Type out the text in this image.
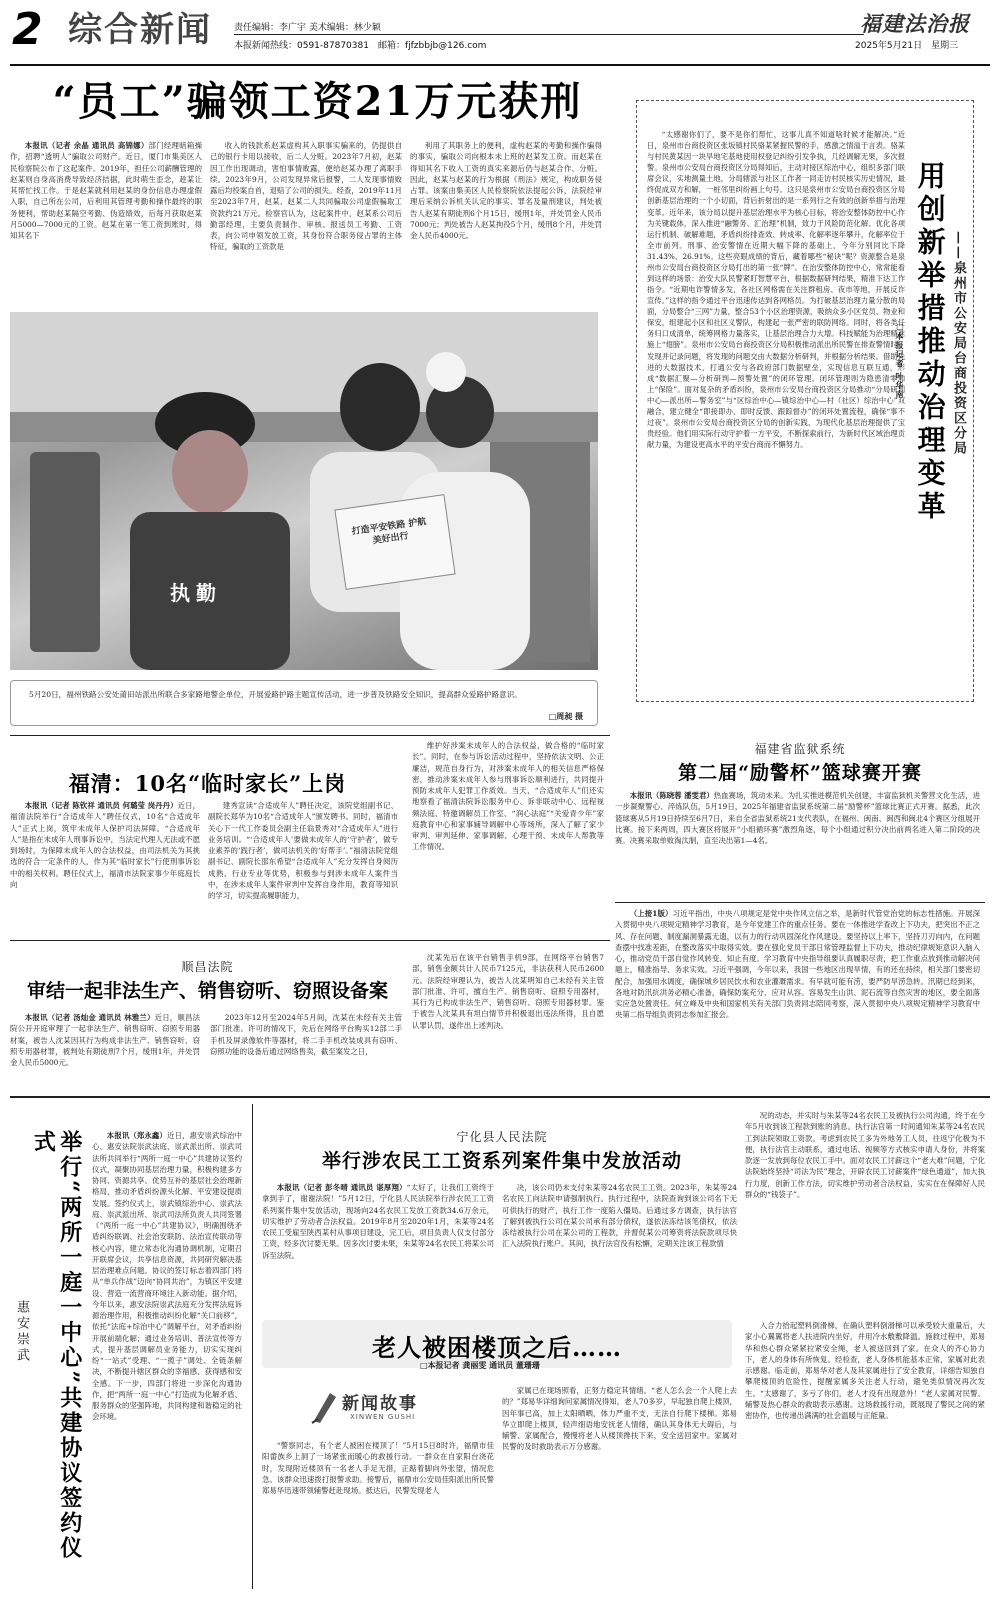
2 综合新闻 责任编辑：李广宇 美术编辑：林少颖
本报新闻热线：0591-87870381　邮箱：fjfzbbjb@126.com
福建法治报
2025年5月21日　星期三
“员工”骗领工资21万元获刑

本报讯（记者 余晶 通讯员 高锦娜）部门经理暗箱操作，招聘“透明人”骗取公司财产。近日，厦门市集美区人民检察院公布了这起案件。2019年，担任公司薪酬管理的赵某则自身高消费导致经济拮据，此时萌生歪念，趁某让其帮忙找工作。于是赵某就利用赵某的身份信息办理虚假入职，自己所在公司，后利用其管理考勤和操作最终的职务便利，帮助赵某隔空考勤、伪造绩效，后每月获取赵某月5000—7000元的工资。赵某在第一笔工资到账时，得知其名下

收入的钱款系赵某虚构其入职事实骗来的，仍提供自己的银行卡用以接收，后二人分赃。2023年7月初，赵某因工作出现调动，害怕事情败露，便给赵某办理了离职手续。2023年9月，公司发现异常后报警，二人发现事情败露后均投案自首，退赔了公司的损失。经查，2019年11月至2023年7月，赵某、赵某二人共同骗取公司虚假骗取工资款约21万元。检察官认为，这起案件中，赵某系公司后勤部经理，主要负责制作、审核、报送员工考勤、工资表，向公司申领发放工资，其身份符合职务侵占罪的主体特征，骗取的工资款是

利用了其职务上的便利，虚构赵某的考勤和操作骗得的事实，骗取公司向根本未上班的赵某发工资。而赵某在得知其名下收入工资的真实来源后仍与赵某合作、分赃。因此，赵某与赵某的行为根据《刑法》规定，构成职务侵占罪。该案由集美区人民检察院依法提起公诉，法院经审理后采纳公诉机关认定的事实、罪名及量刑建议，判处被告人赵某有期徒刑6个月15日，缓刑1年，并处罚金人民币7000元；判处被告人赵某拘役5个月，缓刑8个月，并处罚金人民币4000元。

打造平安铁路 护航美好出行
执勤
5月20日，福州铁路公安处莆田站派出所联合多家路地警企单位，开展爱路护路主题宣传活动，进一步普及铁路安全知识，提高群众爱路护路意识。
□周昶 摄

“太感谢你们了，要不是你们帮忙，这事儿真不知道啥时候才能解决。”近日，泉州市台商投资区张坂镇村民骆某紧握民警的手，感激之情溢于言表。骆某与村民黄某因一块旱地宅基地使用权登记纠纷引发争执，几经调解无果，多次报警。泉州市公安局台商投资区分局得知后，主动对接区综治中心，组织多部门联席会议，实地测量土地，分局辖派与社区工作者一同走访村民核实历史情况，最终促成双方和解，一桩邻里纠纷画上句号。这只是泉州市公安局台商投资区分局创新基层治理的一个小切面，背后折射出的是一系列行之有效的创新举措与治理变革。近年来，该分局以提升基层治理水平为核心目标，将治安整体防控中心作为关键载体，深入推进“融警务、汇治理”机制，致力于风险防范化解、优化各项运行机制、破解难题，矛盾纠纷排查效、转成率、化解率逐年攀升，化解率位于全市前列。刑事、治安警情在近期大幅下降的基础上，今年分别同比下降31.43%、26.91%。这些亮眼成绩的背后，藏着哪些“秘诀”呢？资源整合是泉州市公安局台商投资区分局打出的第一张“牌”。在治安整体防控中心，常常能看到这样的场景：治安大队民警紧盯智慧平台，根据数据研判结果，精准下达工作指令。“近期电诈警情多发，各社区网格需在关注群租房、夜市等地，开展反诈宣传。”这样的指令通过平台迅速传达到各网格员。为打破基层治理力量分散的局面，分局整合“三网”力量，整合53个小区治理资源，吸纳众多小区党员、物业和保安，组建起小区和社区义警队，构建起一张严密的联防网络。同时，将各类任务归口成清单，统筹网格力量落实，让基层治理合力大增。科技赋能为治理精准施上“翅膀”。泉州市公安局台商投资区分局积极推动派出所民警在排查警情时，发现并记录问题，将发现的问题交由大数据分析研判，并根据分析结果。借助先进的大数据技术，打通公安与各政府部门数据壁垒，实现信息互联互通，形成“数据汇聚—分析研判—预警处置”的闭环管理。闭环管理则为隐患清零加上“保险”。面对复杂的矛盾纠纷，泉州市公安局台商投资区分局推动“分局研判中心—派出所—警务室”与“区综治中心—镇综治中心—村（社区）综治中心”双融合，建立健全“即接即办、即时反馈、跟踪督办”的闭环处置流程，确保“事不过夜”。泉州市公安局台商投资区分局的创新实践，为现代化基层治理提供了宝贵经验。他们用实际行动守护着一方平安，不断探索前行，为新时代区域治理贡献力量，为建设更高水平的平安台商而不懈努力。	用创新举措推动治理变革 ——泉州市公安局台商投资区分局
□本报记者 叶华南
福清：10名“临时家长”上岗

本报讯（记者 陈钦祥 通讯员 何璐莹 岗丹丹）近日，福清法院举行“合适成年人”聘任仪式，10名“合适成年人”正式上岗，筑牢未成年人保护司法屏障。“合适成年人”是指在未成年人刑事诉讼中，当法定代理人无法或不愿到场时，为保障未成年人的合法权益，由司法机关为其挑选的符合一定条件的人，作为其“临时家长”行使刑事诉讼中的相关权利。聘任仪式上，福清市法院家事少年庭庭长向

建秀宣读“合适成年人”聘任决定，该院党组副书记、副院长郑华为10名“合适成年人”颁发聘书。同时，福清市关心下一代工作委员会副主任翁景秀对“合适成年人”进行业务培训。“‘合适成年人’要做未成年人的‘守护者’，做专业素养的‘践行者’，做司法机关的‘好帮手’。”福清法院党组副书记、副院长邵东希望“合适成年人”充分发挥自身阅历成熟、行业专业等优势，积极参与到涉未成年人案件当中，在涉未成年人案件审判中发挥自身作用，教育等知识的学习，切实提高履职能力，

维护好涉案未成年人的合法权益，做合格的“临时家长”。同时，在参与诉讼活动过程中，坚持依法文明、公正廉洁，规范自身行为，对涉案未成年人的相关信息严格保密，推动涉案未成年人参与刑事诉讼顺利进行，共同提升预防未成年人犯罪工作质效。当天，“合适成年人”们还实地察看了福清法院诉讼服务中心、诉非联动中心、远程视频法庭、特邀调解员工作室、“润心法庭”“关爱青少年”家庭教育中心和家事辅导调解中心等场所，深入了解了家少审判、审判延伸、家事调解、心理干预、未成年人帮教等工作情况。

福建省监狱系统
第二届“励警杯”篮球赛开赛

本报讯（陈晓蓉 潘雯君）热血赛场，筑动未来。为扎实推进模范机关创建，丰富监狱机关警营文化生活，进一步凝聚警心、淬炼队伍，5月19日，2025年福建省监狱系统第二届“励警杯”篮球比赛正式开赛。据悉，此次篮球赛从5月19日持续至6月7日，来自全省监狱系统21支代表队，在福州、闽南、闽西和闽北4个赛区分组展开比赛。接下来两周，四大赛区将展开“小组循环赛”激烈角逐，每个小组通过积分决出前两名进入第二阶段的决赛。决赛采取单败淘汰制，直至决出第1—4名。

（上接1版）习近平指出，中央八项规定是党中央作风立信之举，是新时代管党治党的标志性措施。开展深入贯彻中央八项规定精神学习教育，是今年党建工作的重点任务。要在一体推进学查改上下功夫，把突出不正之风、存在问题、制度漏洞暴露无遗，以有力的行动巩固深化作风建设。要坚持以上率下，坚持刀刃向内，在问题查摆中找准差距，在整改落实中取得实效。要在强化党员干部日常管理监督上下功夫，推动纪律规矩意识入脑入心，推动党员干部自觉作风转变、知止有度。学习教育中央指导组要认真履职尽责，把工作重点放到推动解决问题上，精准指导、务求实效。习近平强调，今年以来，我国一些地区出现旱情，有的还在持续，相关部门要密切配合，加强用水调度，确保城乡居民饮水和农业灌溉需求。有早就可能有涝，要严防旱涝急转。汛期已经到来，各地对防汛抗洪务必精心准备，确保防案充分、应对从容。容易发生山洪、泥石流等自然灾害的地区，要全面落实应急处置责任。何立峰及中央和国家机关有关部门负责同志陪同考察，深入贯彻中央八项规定精神学习教育中央第二指导组负责同志参加汇报会。

顺昌法院
审结一起非法生产、销售窃听、窃照设备案

本报讯（记者 汤灿金 通讯员 林雅兰）近日，顺昌法院公开开庭审理了一起非法生产、销售窃听、窃照专用器材案，被告人沈某因其行为构成非法生产、销售窃听、窃照专用器材罪，被判处有期徒刑7个月，缓刑1年，并处罚金人民币5000元。

2023年12月至2024年5月间，沈某在未经有关主管部门批准、许可的情况下，先后在网络平台购买12部二手手机及屏录像软件等器材，将二手手机改装成具有窃听、窃照功能的设备后通过网络售卖，截至案发之日，

沈某先后在该平台销售手机9部，在网络平台销售7部，销售金额共计人民币7125元，非法获利人民币2600元。法院经审理认为，被告人沈某明知自己未经有关主管部门批准、许可，擅自生产、销售窃听、窃照专用器材，其行为已构成非法生产、销售窃听、窃照专用器材罪。鉴于被告人沈某具有坦白情节并积极退出违法所得，且自愿认罪认罚，遂作出上述判决。

举行“两所一庭一中心”共建协议签约仪式
惠安崇武

本报讯（郑永鑫）近日，惠安崇武综治中心、惠安法院崇武法庭、崇武派出所、崇武司法所共同举行“两所一庭一中心”共建协议签约仪式，凝聚协同基层治理力量，积极构建多方协同、资源共享、优势互补的基层社会治理新格局，推动矛盾纠纷源头化解、平安建设提质发展。签约仪式上，崇武镇综治中心、崇武法庭、崇武派出所、崇武司法所负责人共同签署《“两所一庭一中心”共建协议》，明确围绕矛盾纠纷联调、社会治安联防、法治宣传联动等核心内容，建立常态化沟通协调机制，定期召开联席会议，共享信息资源，共同研究解决基层治理难点问题。协议的签订标志着四部门将从“单兵作战”迈向“协同共治”，为镇区平安建设、营造一流营商环境注入新动能。据介绍，今年以来，惠安法院崇武法庭充分发挥法庭诉源治理作用，积极推动纠纷化解“关口前移”，依托“法庭+综治中心”调解平台，对矛盾纠纷开展前端化解；通过业务培训、普法宣传等方式，提升基层调解员业务能力，切实实现纠纷“一站式”受理、“一揽子”调处、全链条解决，不断提升辖区群众的幸福感、获得感和安全感。下一步，四部门将进一步深化沟通协作，把“两所一庭一中心”打造成为化解矛盾、服务群众的坚强阵地，共同构建和谐稳定的社会环境。

宁化县人民法院
举行涉农民工工资系列案件集中发放活动

本报讯（记者 彭冬晴 通讯员 谌厚翔）“太好了，让我们工资终于拿到手了，谢谢法院！”5月12日，宁化县人民法院举行涉农民工工资系列案件集中发放活动，现场向24名农民工发放工资款34.6万余元，切实维护了劳动者合法权益。2019年8月至2020年1月，朱某等24名农民工受雇至陕西某村从事项目建设，完工后，项目负责人仅支付部分工资，经多次讨要无果。因多次讨要未果，朱某等24名农民工将某公司诉至法院。

决，该公司仍未支付朱某等24名农民工工资。2023年，朱某等24名农民工向法院申请强制执行。执行过程中，法院查询到该公司名下无可供执行的财产，执行工作一度陷入僵局。后通过多方调查，执行法官了解到被执行公司在某公司承有部分债权，遂依法冻结该笔债权，依法冻结被执行公司在某公司的工程款，并督促某公司筹资将法院款项尽快汇入法院执行账户。其间，执行法官没有松懈，定期关注该工程款情

况的动态，并实时与朱某等24名农民工及被执行公司沟通，终于在今年5月收到该工程款到账的消息。执行法官第一时间通知朱某等24名农民工到法院领取工资款。考虑到农民工多为外地务工人员，往返宁化极为不便，执行法官主动联系，通过电话、视频等方式核实申请人身份，并将案款逐一发放到每位农民工手中。面对农民工讨薪这个“老大难”问题，宁化法院始终坚持“司法为民”理念，开辟农民工讨薪案件“绿色通道”，加大执行力度，创新工作方法，切实维护劳动者合法权益，实实在在保障好人民群众的“钱袋子”。

老人被困楼顶之后……
□本报记者 龚丽雯 通讯员 董珊珊
新闻故事
XINWEN GUSHI

“警察同志，有个老人被困在楼顶了！”5月15日8时许，福鼎市佳阳畲族乡上洞了一场紧张而暖心的救援行动。一群众在自家阳台浇花时，发现附近楼顶有一名老人手足无措，正踮着脚向外张望，情况危急。该群众迅速拨打报警求助。接警后，福鼎市公安局佳阳派出所民警郑易华迅速带领辅警赶赴现场。抵达后，民警发现老人

家属已在现场照看，正努力稳定其情绪。“老人怎么会一个人爬上去的？”郑易华详细询问家属情况得知，老人70多岁，早起独自爬上楼顶，因年事已高，加上太阳晒晒，体力严重不支，无法自行爬下楼梯。郑易华立即爬上楼顶，轻声细语地安抚老人情绪，确认其身体无大碍后，与辅警、家属配合，慢慢将老人从楼顶搀扶下来，安全送回家中。家属对民警的及时救助表示万分感谢。

入合力抬起塑料倒滑梯，在确认塑料倒滑梯可以承受较大重量后，大家小心翼翼将老人扶进院内坐好，并用冷水敷敷降温。施救过程中，郑易华和热心群众紧紧拉紧安全绳，老人被送回到了家。在众人的齐心协力下，老人的身体有所恢复。经检查，老人身体机能基本正常，家属对此表示感谢。临走前，郑易华对老人及其家属进行了安全教育，详细告知独自攀爬楼顶的危险性，提醒家属多关注老人行动，避免类似情况再次发生。“太感谢了，多亏了你们，老人才没有出现意外！”老人家属对民警、辅警及热心群众的救助表示感谢。这场救援行动，既展现了警民之间的紧密协作，也传递出满满的社会温暖与正能量。
